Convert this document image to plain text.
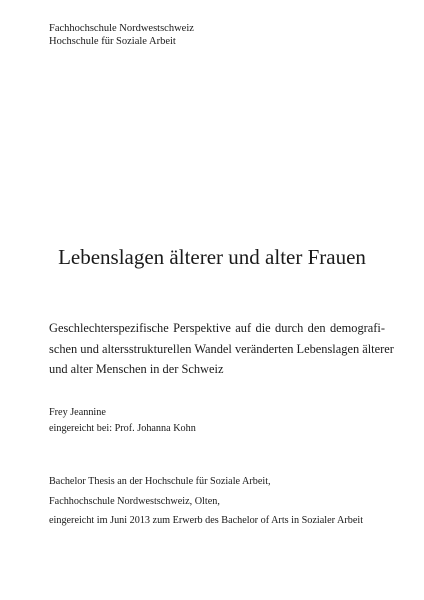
Fachhochschule Nordwestschweiz
Hochschule für Soziale Arbeit
Lebenslagen älterer und alter Frauen
Geschlechterspezifische Perspektive auf die durch den demografi-
schen und altersstrukturellen Wandel veränderten Lebenslagen älterer
und alter Menschen in der Schweiz
Frey Jeannine
eingereicht bei: Prof. Johanna Kohn
Bachelor Thesis an der Hochschule für Soziale Arbeit,
Fachhochschule Nordwestschweiz, Olten,
eingereicht im Juni 2013 zum Erwerb des Bachelor of Arts in Sozialer Arbeit
